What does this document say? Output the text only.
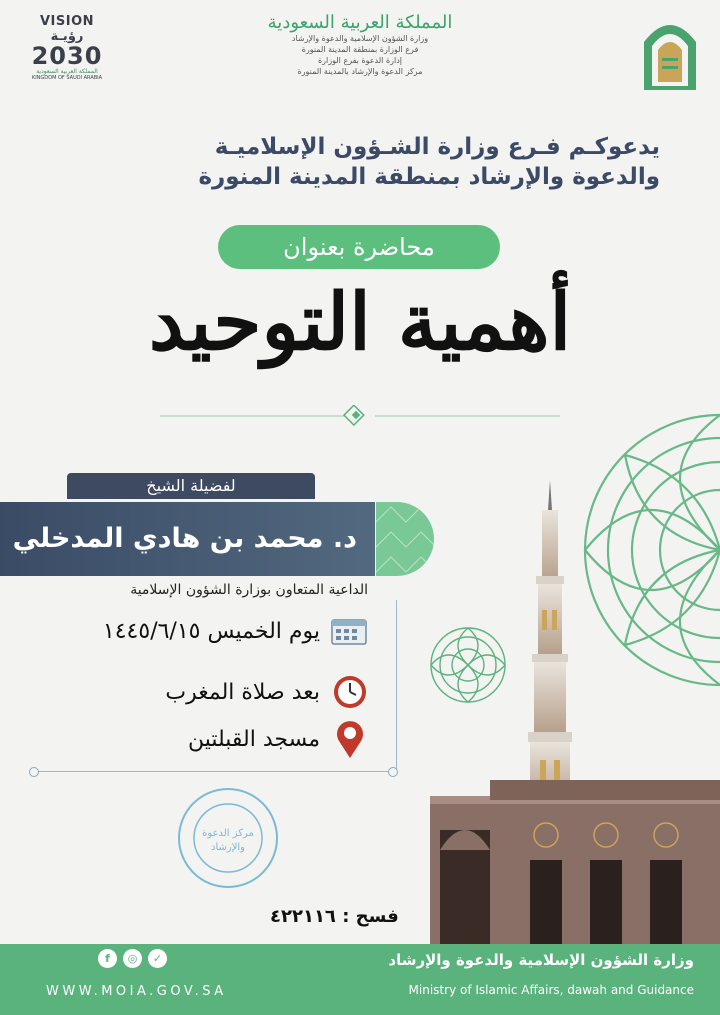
VISION رؤيـة
2030
المملكة العربية السعودية
KINGDOM OF SAUDI ARABIA
المملكة العربية السعودية
وزارة الشؤون الإسلامية والدعوة والإرشاد
فرع الوزارة بمنطقة المدينة المنورة
إدارة الدعوة بفرع الوزارة
مركز الدعوة والإرشاد بالمدينة المنورة
يدعوكـم فـرع وزارة الشـؤون الإسلاميـة
والدعوة والإرشاد بمنطقة المدينة المنورة
محاضرة بعنوان
أهمية التوحيد
لفضيلة الشيخ
د. محمد بن هادي المدخلي
الداعية المتعاون بوزارة الشؤون الإسلامية
يوم الخميس ١٤٤٥/٦/١٥
بعد صلاة المغرب
مسجد القبلتين
مركز الدعوة
والإرشاد
فسح : ٤٢٢١١٦
f	◎	✓
WWW.MOIA.GOV.SA
وزارة الشؤون الإسلامية والدعوة والإرشاد
Ministry of Islamic Affairs, dawah and Guidance
